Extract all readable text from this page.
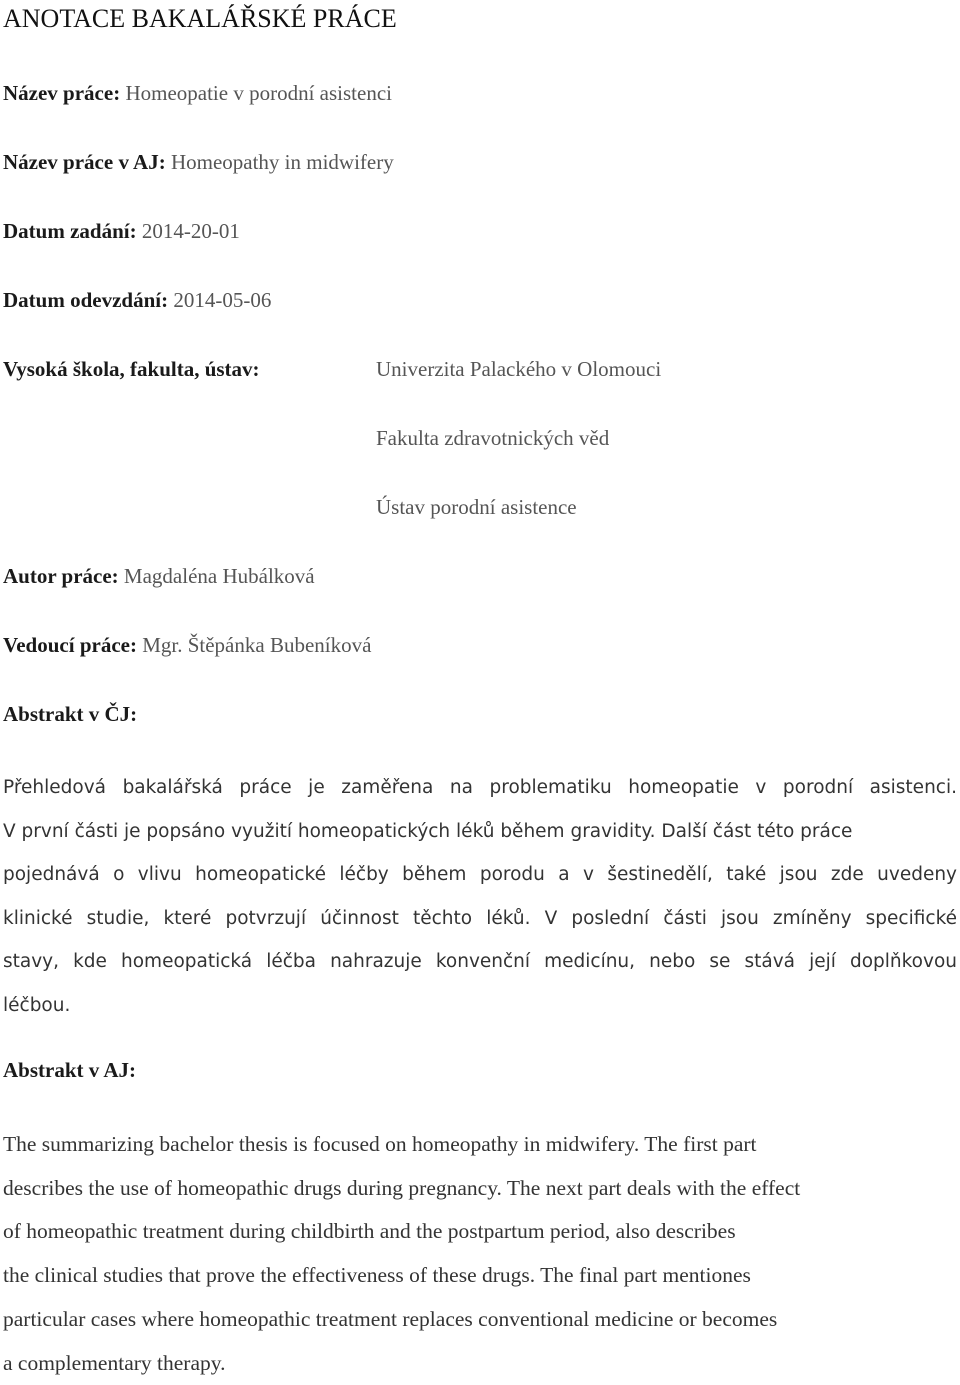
ANOTACE BAKALÁŘSKÉ PRÁCE
Název práce: Homeopatie v porodní asistenci
Název práce v AJ: Homeopathy in midwifery
Datum zadání: 2014-20-01
Datum odevzdání: 2014-05-06
Vysoká škola, fakulta, ústav:	Univerzita Palackého v Olomouci
Fakulta zdravotnických věd
Ústav porodní asistence
Autor práce: Magdaléna Hubálková
Vedoucí práce: Mgr. Štěpánka Bubeníková
Abstrakt v ČJ:
Přehledová bakalářská práce je zaměřena na problematiku homeopatie v porodní asistenci.
V první části je popsáno využití homeopatických léků během gravidity. Další část této práce
pojednává o vlivu homeopatické léčby během porodu a v šestinedělí, také jsou zde uvedeny
klinické studie, které potvrzují účinnost těchto léků. V poslední části jsou zmíněny specifické
stavy, kde homeopatická léčba nahrazuje konvenční medicínu, nebo se stává její doplňkovou
léčbou.
Abstrakt v AJ:
The summarizing bachelor thesis is focused on homeopathy in midwifery. The first part
describes the use of homeopathic drugs during pregnancy. The next part deals with the effect
of homeopathic treatment during childbirth and the postpartum period, also describes
the clinical studies that prove the effectiveness of these drugs. The final part mentiones
particular cases where homeopathic treatment replaces conventional medicine or becomes
a complementary therapy.
